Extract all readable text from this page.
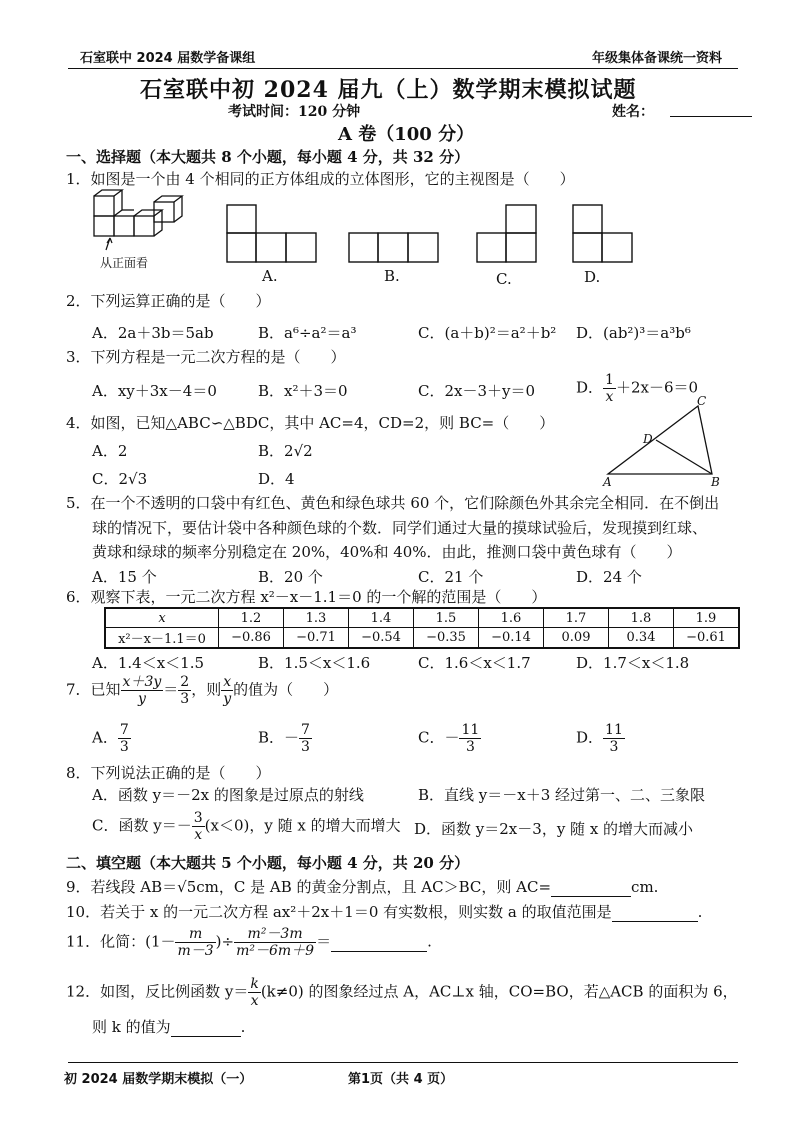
石室联中 2024 届数学备课组	年级集体备课统一资料
石室联中初 2024 届九（上）数学期末模拟试题
考试时间：120 分钟	姓名：
A 卷（100 分）
一、选择题（本大题共 8 个小题，每小题 4 分，共 32 分）
1．如图是一个由 4 个相同的正方体组成的立体图形，它的主视图是（　　）
从正面看
A.	B.	C.	D.
2．下列运算正确的是（　　）
A．2a＋3b＝5ab	B．a⁶÷a²＝a³	C．(a＋b)²＝a²＋b² D．(ab²)³＝a³b⁶
3．下列方程是一元二次方程的是（　　）
A．xy＋3x－4＝0	B．x²＋3＝0	C．2x－3＋y＝0	D． $\frac{1}{x} +2x-6=0$
4．如图，已知△ABC∽△BDC，其中 AC=4，CD=2，则 BC=（　　）
A．2	B．2√2
C．2√3	D．4
C
D
A	B
5．在一个不透明的口袋中有红色、黄色和绿色球共 60 个，它们除颜色外其余完全相同．在不倒出
球的情况下，要估计袋中各种颜色球的个数．同学们通过大量的摸球试验后，发现摸到红球、
黄球和绿球的频率分别稳定在 20%，40%和 40%．由此，推测口袋中黄色球有（　　）
A．15 个	B．20 个	C．21 个	D．24 个
6．观察下表，一元二次方程 x²－x－1.1＝0 的一个解的范围是（　　）
x	1.2	1.3	1.4	1.5	1.6	1.7	1.8	1.9
x²－x－1.1＝0	−0.86	−0.71	−0.54	−0.35	−0.14	0.09	0.34	−0.61
A．1.4＜x＜1.5	B．1.5＜x＜1.6	C．1.6＜x＜1.7	D．1.7＜x＜1.8
7．已知 $\frac{x+3y}{y} = \frac{2}{3}$ ，则 $\frac{x}{y}$ 的值为（　　）
A． $\frac{7}{3}$	B．－ $\frac{7}{3}$	C．－ $\frac{11}{3}$	D． $\frac{11}{3}$
8．下列说法正确的是（　　）
A．函数 y＝－2x 的图象是过原点的射线	B．直线 y＝－x＋3 经过第一、二、三象限
C．函数 $y=- \frac{3}{x} (x<0)$，y 随 x 的增大而增大 D．函数 y＝2x－3，y 随 x 的增大而减小
二、填空题（本大题共 5 个小题，每小题 4 分，共 20 分）
9．若线段 AB＝√5cm，C 是 AB 的黄金分割点，且 AC＞BC，则 AC=	cm.
10．若关于 x 的一元二次方程 ax²＋2x＋1＝0 有实数根，则实数 a 的取值范围是	.
11．化简：($1- \frac{m}{m-3}$ )÷ $\frac{\text{m²－3m}}{\text{m²－6m＋9}}$ ＝	.
12．如图，反比例函数 $y= \frac{k}{x} (k\ne 0)$ 的图象经过点 A，AC⊥x 轴，CO=BO，若△ACB 的面积为 6，
则 k 的值为	.
初 2024 届数学期末模拟（一）	第1页（共 4 页）
